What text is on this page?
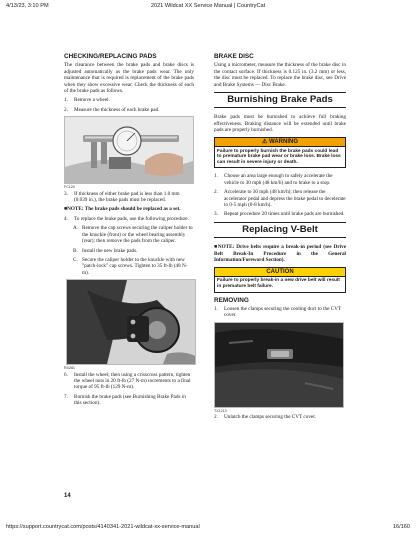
4/13/23, 3:10 PM	2021 Wildcat XX Service Manual | CountryCat
CHECKING/REPLACING PADS

The clearance between the brake pads and brake discs is adjusted automatically as the brake pads wear. The only maintenance that is required is replacement of the brake pads when they show excessive wear. Check the thickness of each of the brake pads as follows.

1.	Remove a wheel.
2.	Measure the thickness of each brake pad.

FC120

3.	If thickness of either brake pad is less than 1.0 mm (0.039 in.), the brake pads must be replaced.

■NOTE: The brake pads should be replaced as a set.

4.	To replace the brake pads, use the following procedure.
A. Remove the cap screws securing the caliper holder to the knuckle (front) or the wheel bearing assembly (rear); then remove the pads from the caliper.
B. Install the new brake pads.
C. Secure the caliper holder to the knuckle with new "patch-lock" cap screws. Tighten to 35 ft-lb (48 N-m).

RX281

6.	Install the wheel; then using a crisscross pattern, tighten the wheel nuts in 20 ft-lb (27 N-m) increments to a final torque of 95 ft-lb (129 N-m).
7.	Burnish the brake pads (see Burnishing Brake Pads in this section).
BRAKE DISC

Using a micrometer, measure the thickness of the brake disc in the contact surface. If thickness is 0.125 in. (3.2 mm) or less, the disc must be replaced. To replace the brake disc, see Drive and Brake Systems — Disc Brake.

Burnishing Brake Pads

Brake pads must be burnished to achieve full braking effectiveness. Braking distance will be extended until brake pads are properly burnished.

⚠ WARNING
Failure to properly burnish the brake pads could lead to premature brake pad wear or brake loss. Brake loss can result in severe injury or death.
1.	Choose an area large enough to safely accelerate the vehicle to 30 mph (48 km/h) and to brake to a stop.
2.	Accelerate to 30 mph (48 km/h); then release the accelerator pedal and depress the brake pedal to decelerate to 0-5 mph (0-8 km/h).
3.	Repeat procedure 20 times until brake pads are burnished.
Replacing V-Belt

■NOTE: Drive belts require a break-in period (see Drive Belt Break-In Procedure in the General Information/Foreword Section).

CAUTION
Failure to properly break-in a new drive belt will result in premature belt failure.
REMOVING
1.	Loosen the clamps securing the cooling duct to the CVT cover.

TX1213

2.	Unlatch the clamps securing the CVT cover.
14
https://support.countrycat.com/posts/4140341-2021-wildcat-xx-service-manual	16/160
